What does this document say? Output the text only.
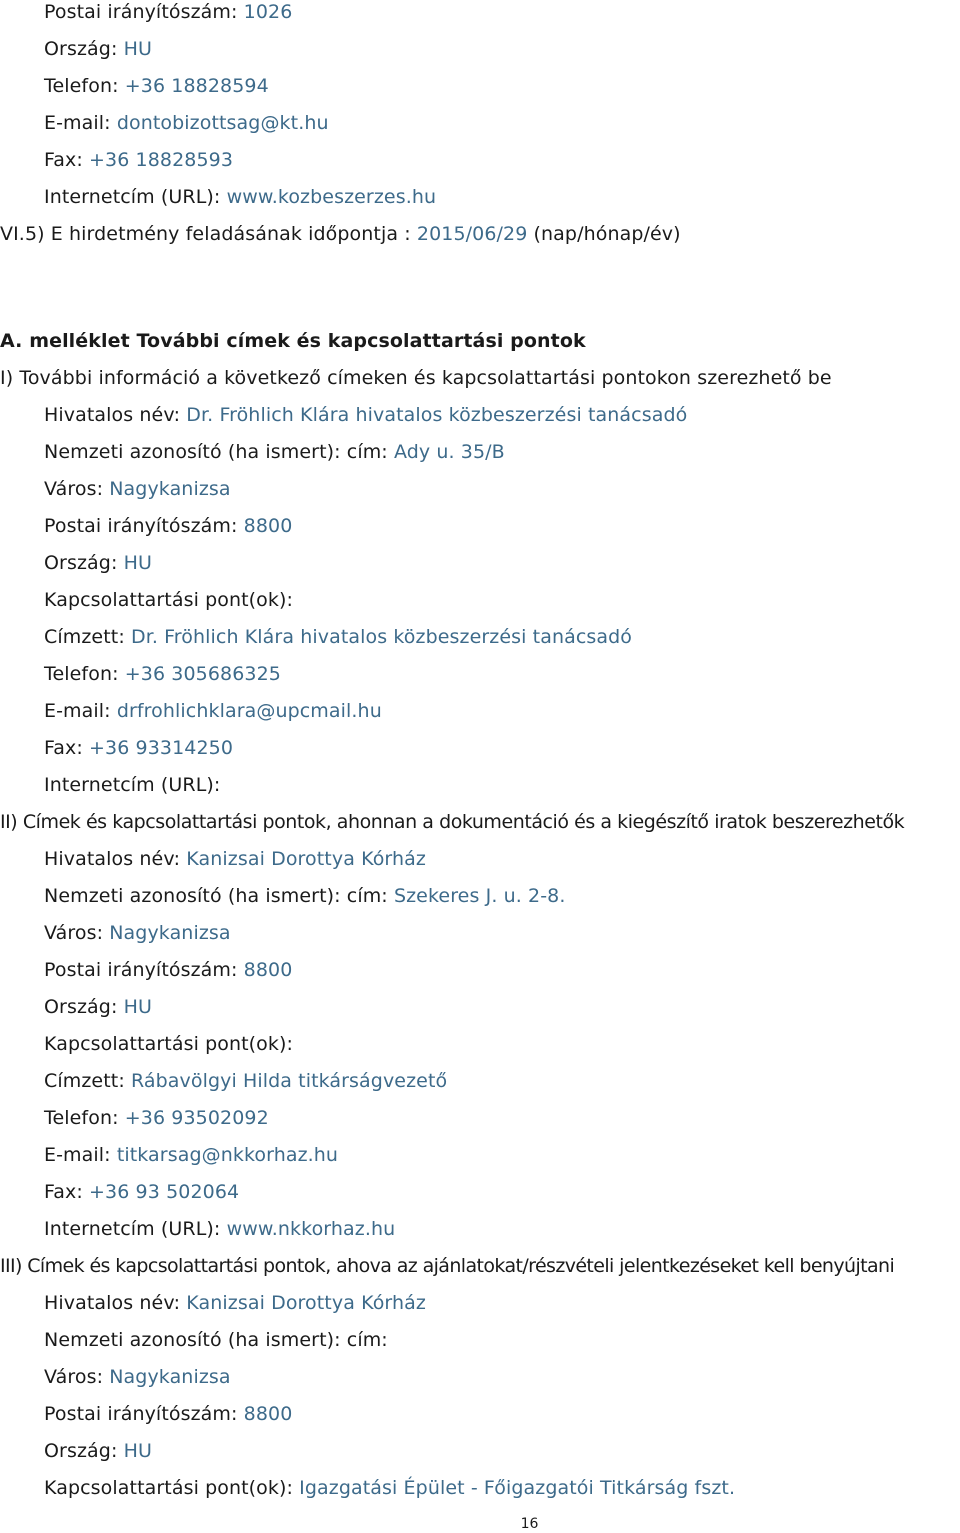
Postai irányítószám: 1026
Ország: HU
Telefon: +36 18828594
E-mail: dontobizottsag@kt.hu
Fax: +36 18828593
Internetcím (URL): www.kozbeszerzes.hu
VI.5) E hirdetmény feladásának időpontja : 2015/06/29 (nap/hónap/év)
A. melléklet További címek és kapcsolattartási pontok
I) További információ a következő címeken és kapcsolattartási pontokon szerezhető be
Hivatalos név: Dr. Fröhlich Klára hivatalos közbeszerzési tanácsadó
Nemzeti azonosító (ha ismert): cím: Ady u. 35/B
Város: Nagykanizsa
Postai irányítószám: 8800
Ország: HU
Kapcsolattartási pont(ok):
Címzett: Dr. Fröhlich Klára hivatalos közbeszerzési tanácsadó
Telefon: +36 305686325
E-mail: drfrohlichklara@upcmail.hu
Fax: +36 93314250
Internetcím (URL):
II) Címek és kapcsolattartási pontok, ahonnan a dokumentáció és a kiegészítő iratok beszerezhetők
Hivatalos név: Kanizsai Dorottya Kórház
Nemzeti azonosító (ha ismert): cím: Szekeres J. u. 2-8.
Város: Nagykanizsa
Postai irányítószám: 8800
Ország: HU
Kapcsolattartási pont(ok):
Címzett: Rábavölgyi Hilda titkárságvezető
Telefon: +36 93502092
E-mail: titkarsag@nkkorhaz.hu
Fax: +36 93 502064
Internetcím (URL): www.nkkorhaz.hu
III) Címek és kapcsolattartási pontok, ahova az ajánlatokat/részvételi jelentkezéseket kell benyújtani
Hivatalos név: Kanizsai Dorottya Kórház
Nemzeti azonosító (ha ismert): cím:
Város: Nagykanizsa
Postai irányítószám: 8800
Ország: HU
Kapcsolattartási pont(ok): Igazgatási Épület - Főigazgatói Titkárság fszt.
16
